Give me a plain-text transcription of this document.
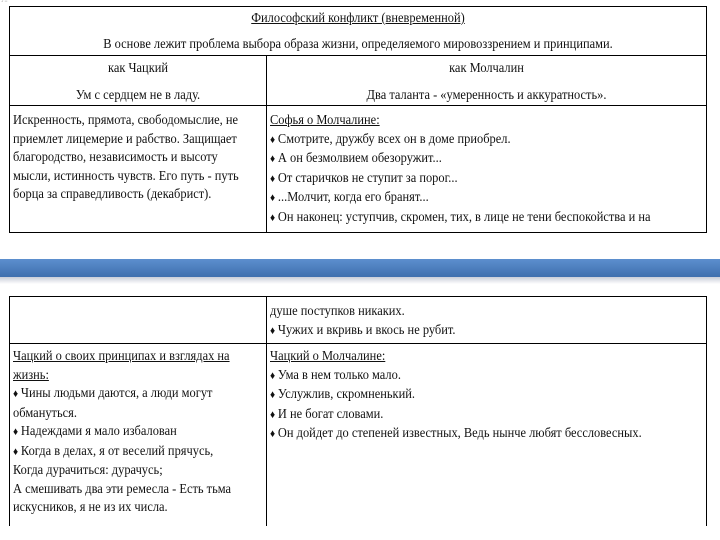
´¨
Философский конфликт (вневременной)
В основе лежит проблема выбора образа жизни, определяемого мировоззрением и принципами.
как Чацкий
Ум с сердцем не в ладу.
как Молчалин
Два таланта - «умеренность и аккуратность».
Искренность, прямота, свободомыслие, не
приемлет лицемерие и рабство. Защищает
благородство, независимость и высоту
мысли, истинность чувств. Его путь - путь
борца за справедливость (декабрист).
Софья о Молчалине:
♦ Смотрите, дружбу всех он в доме приобрел.
♦ А он безмолвием обезоружит...
♦ От старичков не ступит за порог...
♦ ...Молчит, когда его бранят...
♦ Он наконец: уступчив, скромен, тих, в лице не тени беспокойства и на
душе поступков никаких.
♦ Чужих и вкривь и вкось не рубит.
Чацкий о своих принципах и взглядах на
жизнь:
♦ Чины людьми даются, а люди могут
обмануться.
♦ Надеждами я мало избалован
♦ Когда в делах, я от веселий прячусь,
Когда дурачиться: дурачусь;
А смешивать два эти ремесла - Есть тьма
искусников, я не из их числа.
Чацкий о Молчалине:
♦ Ума в нем только мало.
♦ Услужлив, скромненький.
♦ И не богат словами.
♦ Он дойдет до степеней известных, Ведь нынче любят бессловесных.
